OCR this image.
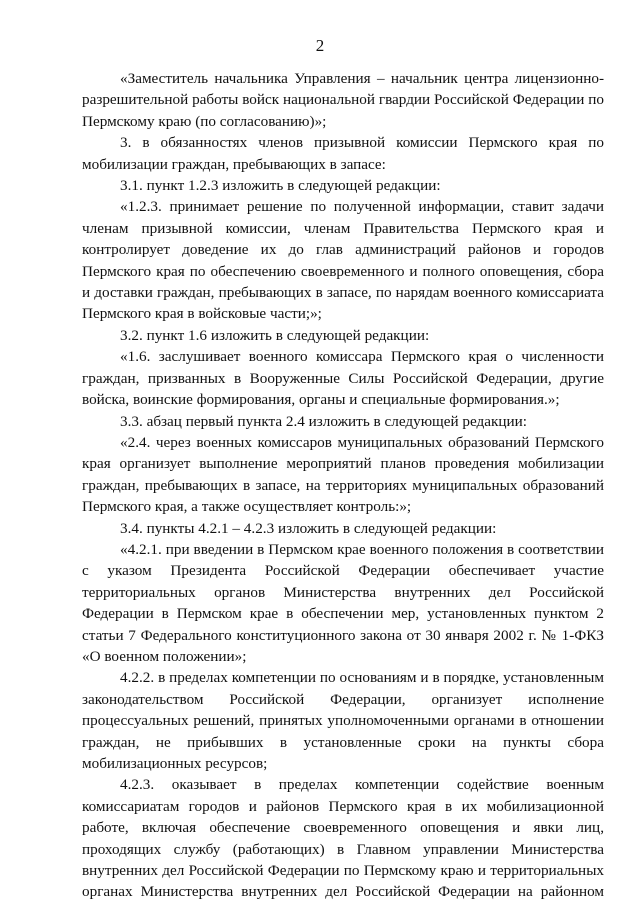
2

«Заместитель начальника Управления – начальник центра лицензионно-разрешительной работы войск национальной гвардии Российской Федерации по Пермскому краю (по согласованию)»;

3. в обязанностях членов призывной комиссии Пермского края по мобилизации граждан, пребывающих в запасе:

3.1. пункт 1.2.3 изложить в следующей редакции:

«1.2.3. принимает решение по полученной информации, ставит задачи членам призывной комиссии, членам Правительства Пермского края и контролирует доведение их до глав администраций районов и городов Пермского края по обеспечению своевременного и полного оповещения, сбора и доставки граждан, пребывающих в запасе, по нарядам военного комиссариата Пермского края в войсковые части;»;

3.2. пункт 1.6 изложить в следующей редакции:

«1.6. заслушивает военного комиссара Пермского края о численности граждан, призванных в Вооруженные Силы Российской Федерации, другие войска, воинские формирования, органы и специальные формирования.»;

3.3. абзац первый пункта 2.4 изложить в следующей редакции:

«2.4. через военных комиссаров муниципальных образований Пермского края организует выполнение мероприятий планов проведения мобилизации граждан, пребывающих в запасе, на территориях муниципальных образований Пермского края, а также осуществляет контроль:»;

3.4. пункты 4.2.1 – 4.2.3 изложить в следующей редакции:

«4.2.1. при введении в Пермском крае военного положения в соответствии с указом Президента Российской Федерации обеспечивает участие территориальных органов Министерства внутренних дел Российской Федерации в Пермском крае в обеспечении мер, установленных пунктом 2 статьи 7 Федерального конституционного закона от 30 января 2002 г. № 1-ФКЗ «О военном положении»;

4.2.2. в пределах компетенции по основаниям и в порядке, установленным законодательством Российской Федерации, организует исполнение процессуальных решений, принятых уполномоченными органами в отношении граждан, не прибывших в установленные сроки на пункты сбора мобилизационных ресурсов;

4.2.3. оказывает в пределах компетенции содействие военным комиссариатам городов и районов Пермского края в их мобилизационной работе, включая обеспечение своевременного оповещения и явки лиц, проходящих службу (работающих) в Главном управлении Министерства внутренних дел Российской Федерации по Пермскому краю и территориальных органах Министерства внутренних дел Российской Федерации на районном
